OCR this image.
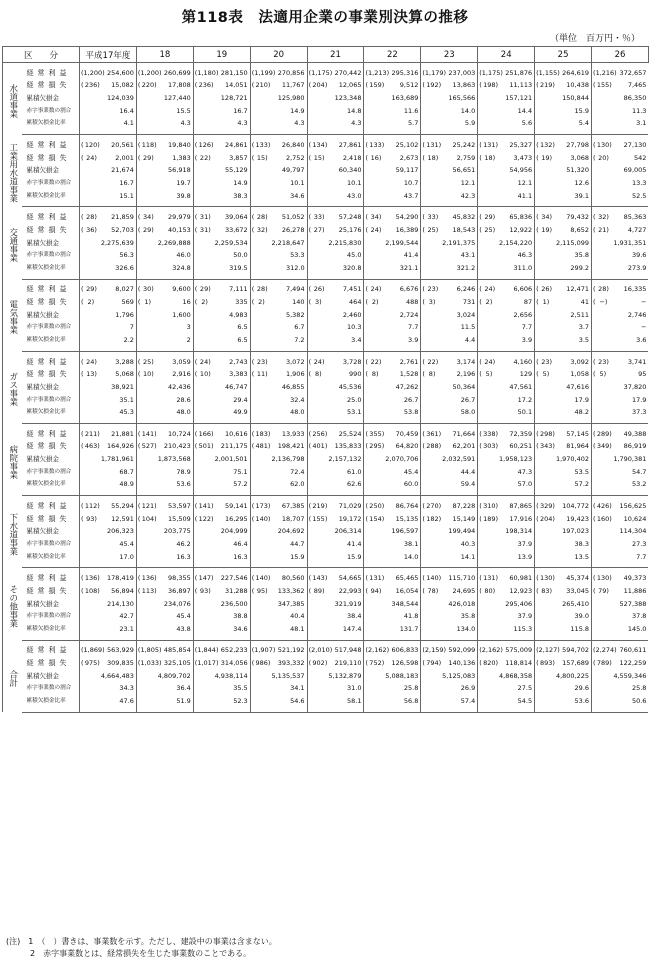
第118表　法適用企業の事業別決算の推移
（単位　百万円・％）
区　　分		平成17年度	18	19	20	21	22	23	24	25	26
水道事業	経常利益	(1,200) 254,600	(1,200) 260,699	(1,180) 281,150	(1,199) 270,856	(1,175) 270,442	(1,213) 295,316	(1,179) 237,003	(1,175) 251,876	(1,155) 264,619	(1,216) 372,657
	経常損失	( 236) 15,082	( 220) 17,808	( 236) 14,051	( 210) 11,767	( 204) 12,065	( 159) 9,512	( 192) 13,863	( 198) 11,113	( 219) 10,438	( 155) 7,465
	累積欠損金	124,039	127,440	128,721	125,980	123,348	163,689	165,566	157,121	150,844	86,350
	赤字事業数の割合	16.4	15.5	16.7	14.9	14.8	11.6	14.0	14.4	15.9	11.3
	累積欠損金比率	4.1	4.3	4.3	4.3	4.3	5.7	5.9	5.6	5.4	3.1
工業用水道事業	経常利益	( 120) 20,561	( 118) 19,840	( 126) 24,861	( 133) 26,840	( 134) 27,861	( 133) 25,102	( 131) 25,242	( 131) 25,327	( 132) 27,798	( 130) 27,130
	経常損失	(  24) 2,001	(  29) 1,383	(  22) 3,857	(  15) 2,752	(  15) 2,418	(  16) 2,673	(  18) 2,759	(  18) 3,473	(  19) 3,068	(  20) 542
	累積欠損金	21,674	56,918	55,129	49,797	60,340	59,117	56,651	54,956	51,320	69,005
	赤字事業数の割合	16.7	19.7	14.9	10.1	10.1	10.7	12.1	12.1	12.6	13.3
	累積欠損金比率	15.1	39.8	38.3	34.6	43.0	43.7	42.3	41.1	39.1	52.5
交通事業	経常利益	(  28) 21,859	(  34) 29,979	(  31) 39,064	(  28) 51,052	(  33) 57,248	(  34) 54,290	(  33) 45,832	(  29) 65,836	(  34) 79,432	(  32) 85,363
	経常損失	(  36) 52,703	(  29) 40,153	(  31) 33,672	(  32) 26,278	(  27) 25,176	(  24) 16,389	(  25) 18,543	(  25) 12,922	(  19) 8,652	(  21) 4,727
	累積欠損金	2,275,639	2,269,888	2,259,534	2,218,647	2,215,830	2,199,544	2,191,375	2,154,220	2,115,099	1,931,351
	赤字事業数の割合	56.3	46.0	50.0	53.3	45.0	41.4	43.1	46.3	35.8	39.6
	累積欠損金比率	326.6	324.8	319.5	312.0	320.8	321.1	321.2	311.0	299.2	273.9
電気事業	経常利益	(  29) 8,027	(  30) 9,600	(  29) 7,111	(  28) 7,494	(  26) 7,451	(  24) 6,676	(  23) 6,246	(  24) 6,606	(  26) 12,471	(  28) 16,335
	経常損失	(   2) 569	(   1) 16	(   2) 335	(   2) 140	(   3) 464	(   2) 488	(   3) 731	(   2) 87	(   1) 41	(   −) −
	累積欠損金	1,796	1,600	4,983	5,382	2,460	2,724	3,024	2,656	2,511	2,746
	赤字事業数の割合	7	3	6.5	6.7	10.3	7.7	11.5	7.7	3.7	−
	累積欠損金比率	2.2	2	6.5	7.2	3.4	3.9	4.4	3.9	3.5	3.6
ガス事業	経常利益	(  24) 3,288	(  25) 3,059	(  24) 2,743	(  23) 3,072	(  24) 3,728	(  22) 2,761	(  22) 3,174	(  24) 4,160	(  23) 3,092	(  23) 3,741
	経常損失	(  13) 5,068	(  10) 2,916	(  10) 3,383	(  11) 1,906	(   8) 990	(   8) 1,528	(   8) 2,196	(   5) 129	(   5) 1,058	(   5) 95
	累積欠損金	38,921	42,436	46,747	46,855	45,536	47,262	50,364	47,561	47,616	37,820
	赤字事業数の割合	35.1	28.6	29.4	32.4	25.0	26.7	26.7	17.2	17.9	17.9
	累積欠損金比率	45.3	48.0	49.9	48.0	53.1	53.8	58.0	50.1	48.2	37.3
病院事業	経常利益	( 211) 21,881	( 141) 10,724	( 166) 10,616	( 183) 13,933	( 256) 25,524	( 355) 70,459	( 361) 71,664	( 338) 72,359	( 298) 57,145	( 289) 49,388
	経常損失	( 463) 164,926	( 527) 210,423	( 501) 211,175	( 481) 198,421	( 401) 135,833	( 295) 64,820	( 288) 62,201	( 303) 60,251	( 343) 81,964	( 349) 86,919
	累積欠損金	1,781,961	1,873,568	2,001,501	2,136,798	2,157,132	2,070,706	2,032,591	1,958,123	1,970,402	1,790,381
	赤字事業数の割合	68.7	78.9	75.1	72.4	61.0	45.4	44.4	47.3	53.5	54.7
	累積欠損金比率	48.9	53.6	57.2	62.0	62.6	60.0	59.4	57.0	57.2	53.2
下水道事業	経常利益	( 112) 55,294	( 121) 53,597	( 141) 59,141	( 173) 67,385	( 219) 71,029	( 250) 86,764	( 270) 87,228	( 310) 87,865	( 329) 104,772	( 426) 156,625
	経常損失	(  93) 12,591	( 104) 15,509	( 122) 16,295	( 140) 18,707	( 155) 19,172	( 154) 15,135	( 182) 15,149	( 189) 17,916	( 204) 19,423	( 160) 10,624
	累積欠損金	206,323	203,775	204,999	204,692	206,314	196,597	199,494	198,314	197,023	114,304
	赤字事業数の割合	45.4	46.2	46.4	44.7	41.4	38.1	40.3	37.9	38.3	27.3
	累積欠損金比率	17.0	16.3	16.3	15.9	15.9	14.0	14.1	13.9	13.5	7.7
その他事業	経常利益	( 136) 178,419	( 136) 98,355	( 147) 227,546	( 140) 80,560	( 143) 54,665	( 131) 65,465	( 140) 115,710	( 131) 60,981	( 130) 45,374	( 130) 49,373
	経常損失	( 108) 56,894	( 113) 36,897	(  93) 31,288	(  95) 133,362	(  89) 22,993	(  94) 16,054	(  78) 24,695	(  80) 12,923	(  83) 33,045	(  79) 11,886
	累積欠損金	214,130	234,076	236,500	347,385	321,919	348,544	426,018	295,406	265,410	527,388
	赤字事業数の割合	42.7	45.4	38.8	40.4	38.4	41.8	35.8	37.9	39.0	37.8
	累積欠損金比率	23.1	43.8	34.6	48.1	147.4	131.7	134.0	115.3	115.8	145.0
合計	経常利益	(1,869) 563,929	(1,805) 485,854	(1,844) 652,233	(1,907) 521,192	(2,010) 517,948	(2,162) 606,833	(2,159) 592,099	(2,162) 575,009	(2,127) 594,702	(2,274) 760,611
	経常損失	( 975) 309,835	(1,033) 325,105	(1,017) 314,056	( 986) 393,332	( 902) 219,110	( 752) 126,598	( 794) 140,136	( 820) 118,814	( 893) 157,689	( 789) 122,259
	累積欠損金	4,664,483	4,809,702	4,938,114	5,135,537	5,132,879	5,088,183	5,125,083	4,868,358	4,800,225	4,559,346
	赤字事業数の割合	34.3	36.4	35.5	34.1	31.0	25.8	26.9	27.5	29.6	25.8
	累積欠損金比率	47.6	51.9	52.3	54.6	58.1	56.8	57.4	54.5	53.6	50.6
(注)　1　（　）書きは、事業数を示す。ただし、建設中の事業は含まない。
　　　2　赤字事業数とは、経常損失を生じた事業数のことである。
